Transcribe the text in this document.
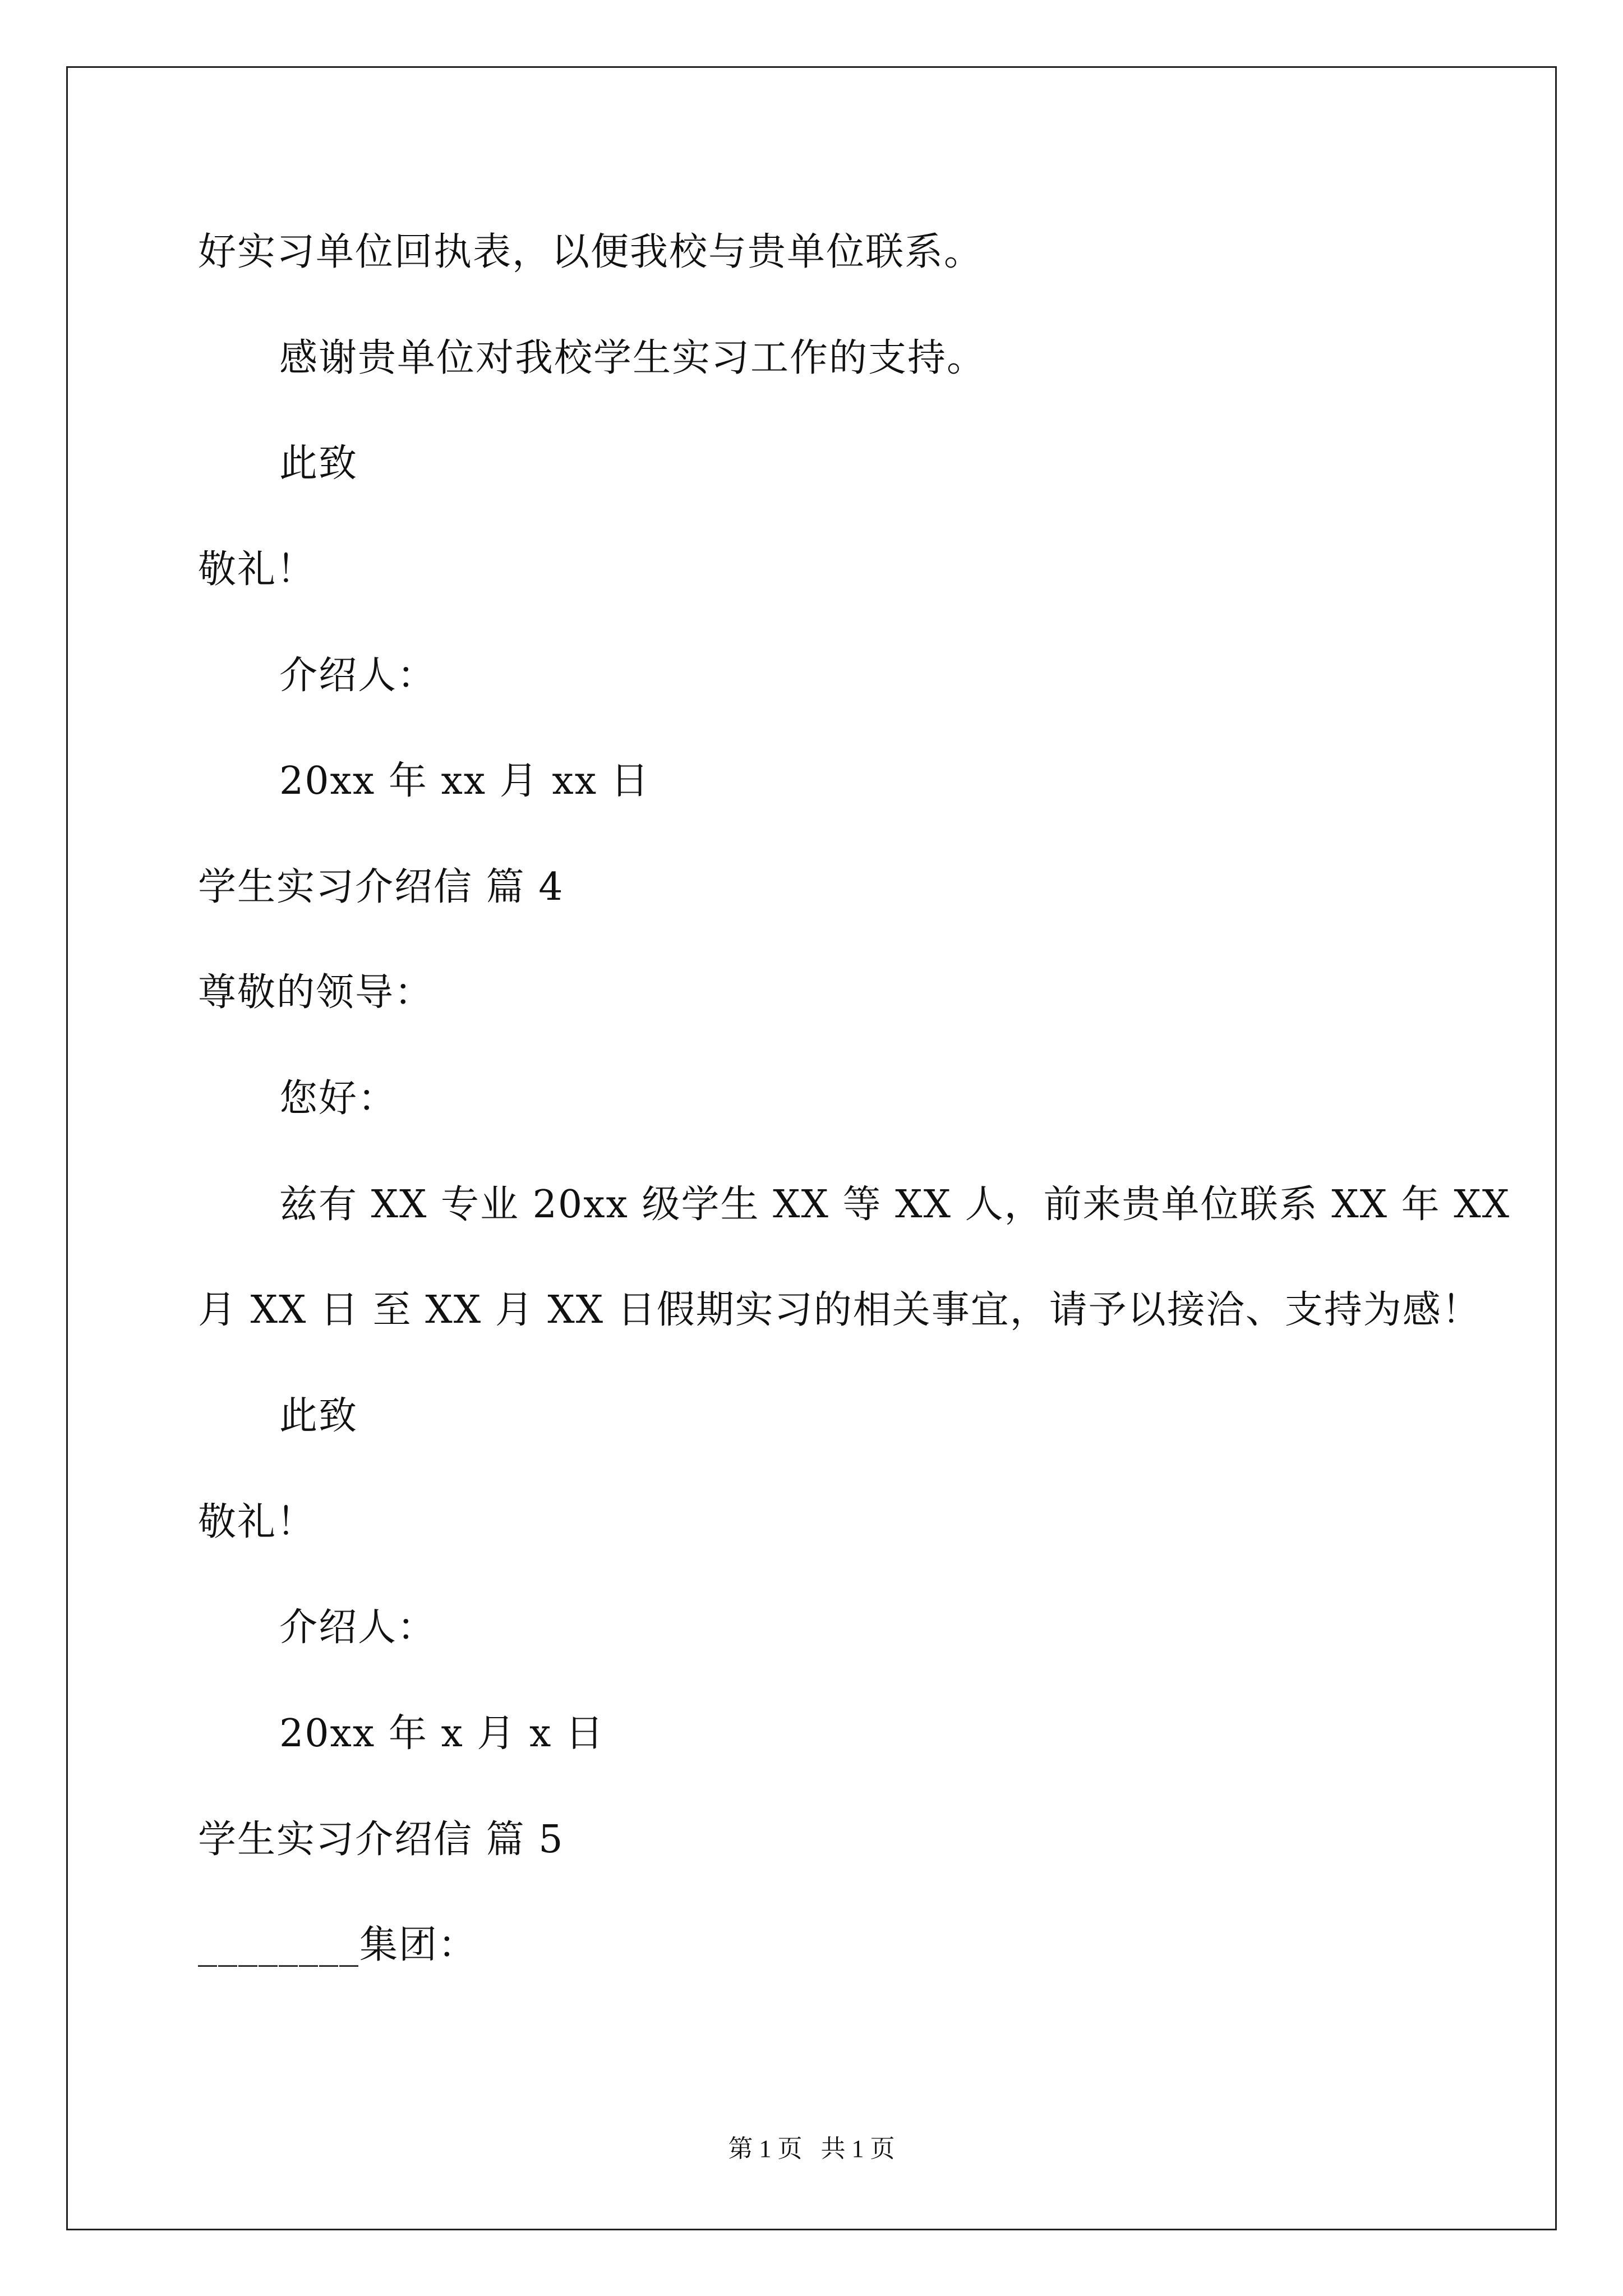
好实习单位回执表，以便我校与贵单位联系。
感谢贵单位对我校学生实习工作的支持。
此致
敬礼！
介绍人：
20xx 年 xx 月 xx 日
学生实习介绍信 篇 4
尊敬的领导：
您好：
兹有 XX 专业 20xx 级学生 XX 等 XX 人，前来贵单位联系 XX 年 XX
月 XX 日 至 XX 月 XX 日假期实习的相关事宜，请予以接洽、支持为感！
此致
敬礼！
介绍人：
20xx 年 x 月 x 日
学生实习介绍信 篇 5
________集团：
第 1 页   共 1 页
